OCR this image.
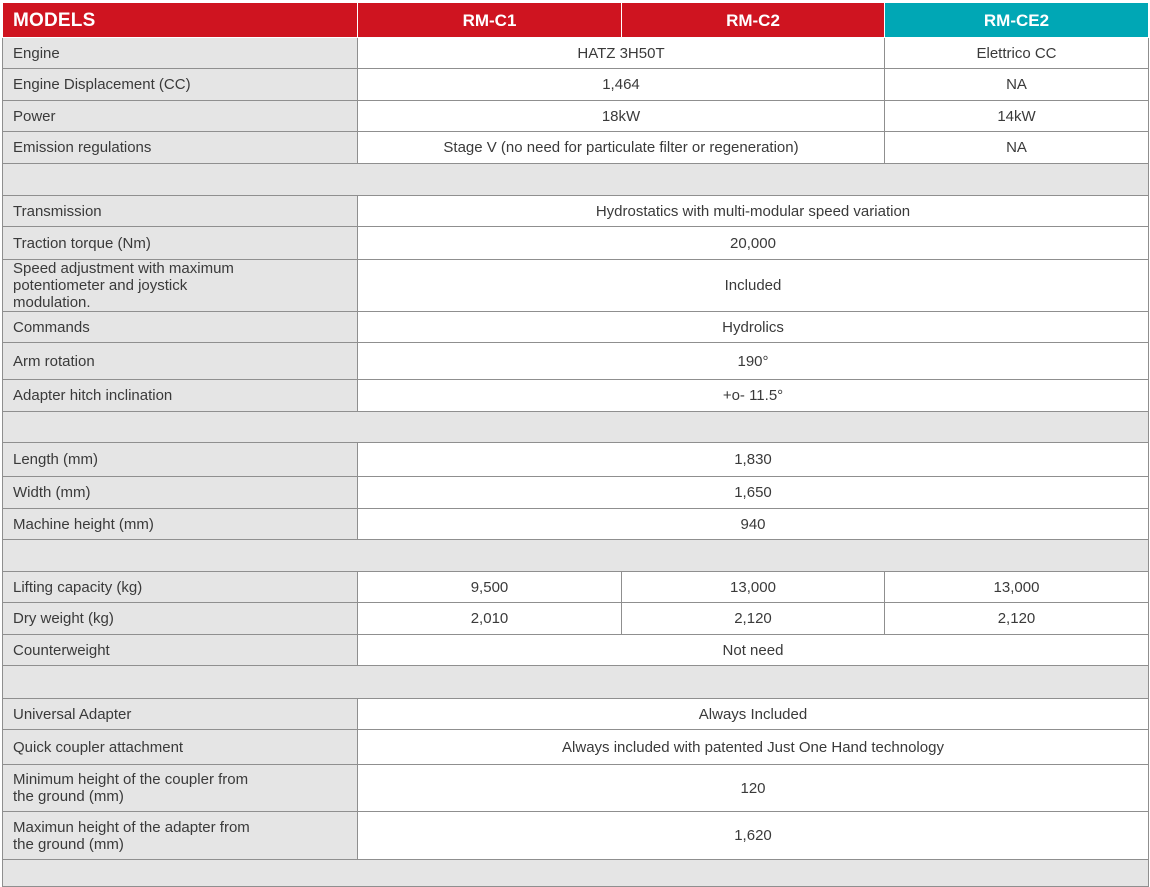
MODELS	RM-C1	RM-C2	RM-CE2
Engine	HATZ 3H50T		Elettrico CC
Engine Displacement (CC)	1,464		NA
Power	18kW		14kW
Emission regulations	Stage V (no need for particulate filter or regeneration)		NA

Transmission	Hydrostatics with multi-modular speed variation		
Traction torque (Nm)	20,000		
Speed adjustment with maximum potentiometer and joystick modulation.	Included		
Commands	Hydrolics		
Arm rotation	190°		
Adapter hitch inclination	+o- 11.5°		

Length (mm)	1,830		
Width (mm)	1,650		
Machine height (mm)	940		

Lifting capacity (kg)	9,500	13,000	13,000
Dry weight (kg)	2,010	2,120	2,120
Counterweight	Not need		

Universal Adapter	Always Included		
Quick coupler attachment	Always included with patented Just One Hand technology		
Minimum height of the coupler from the ground (mm)	120		
Maximun height of the adapter from the ground (mm)	1,620		
